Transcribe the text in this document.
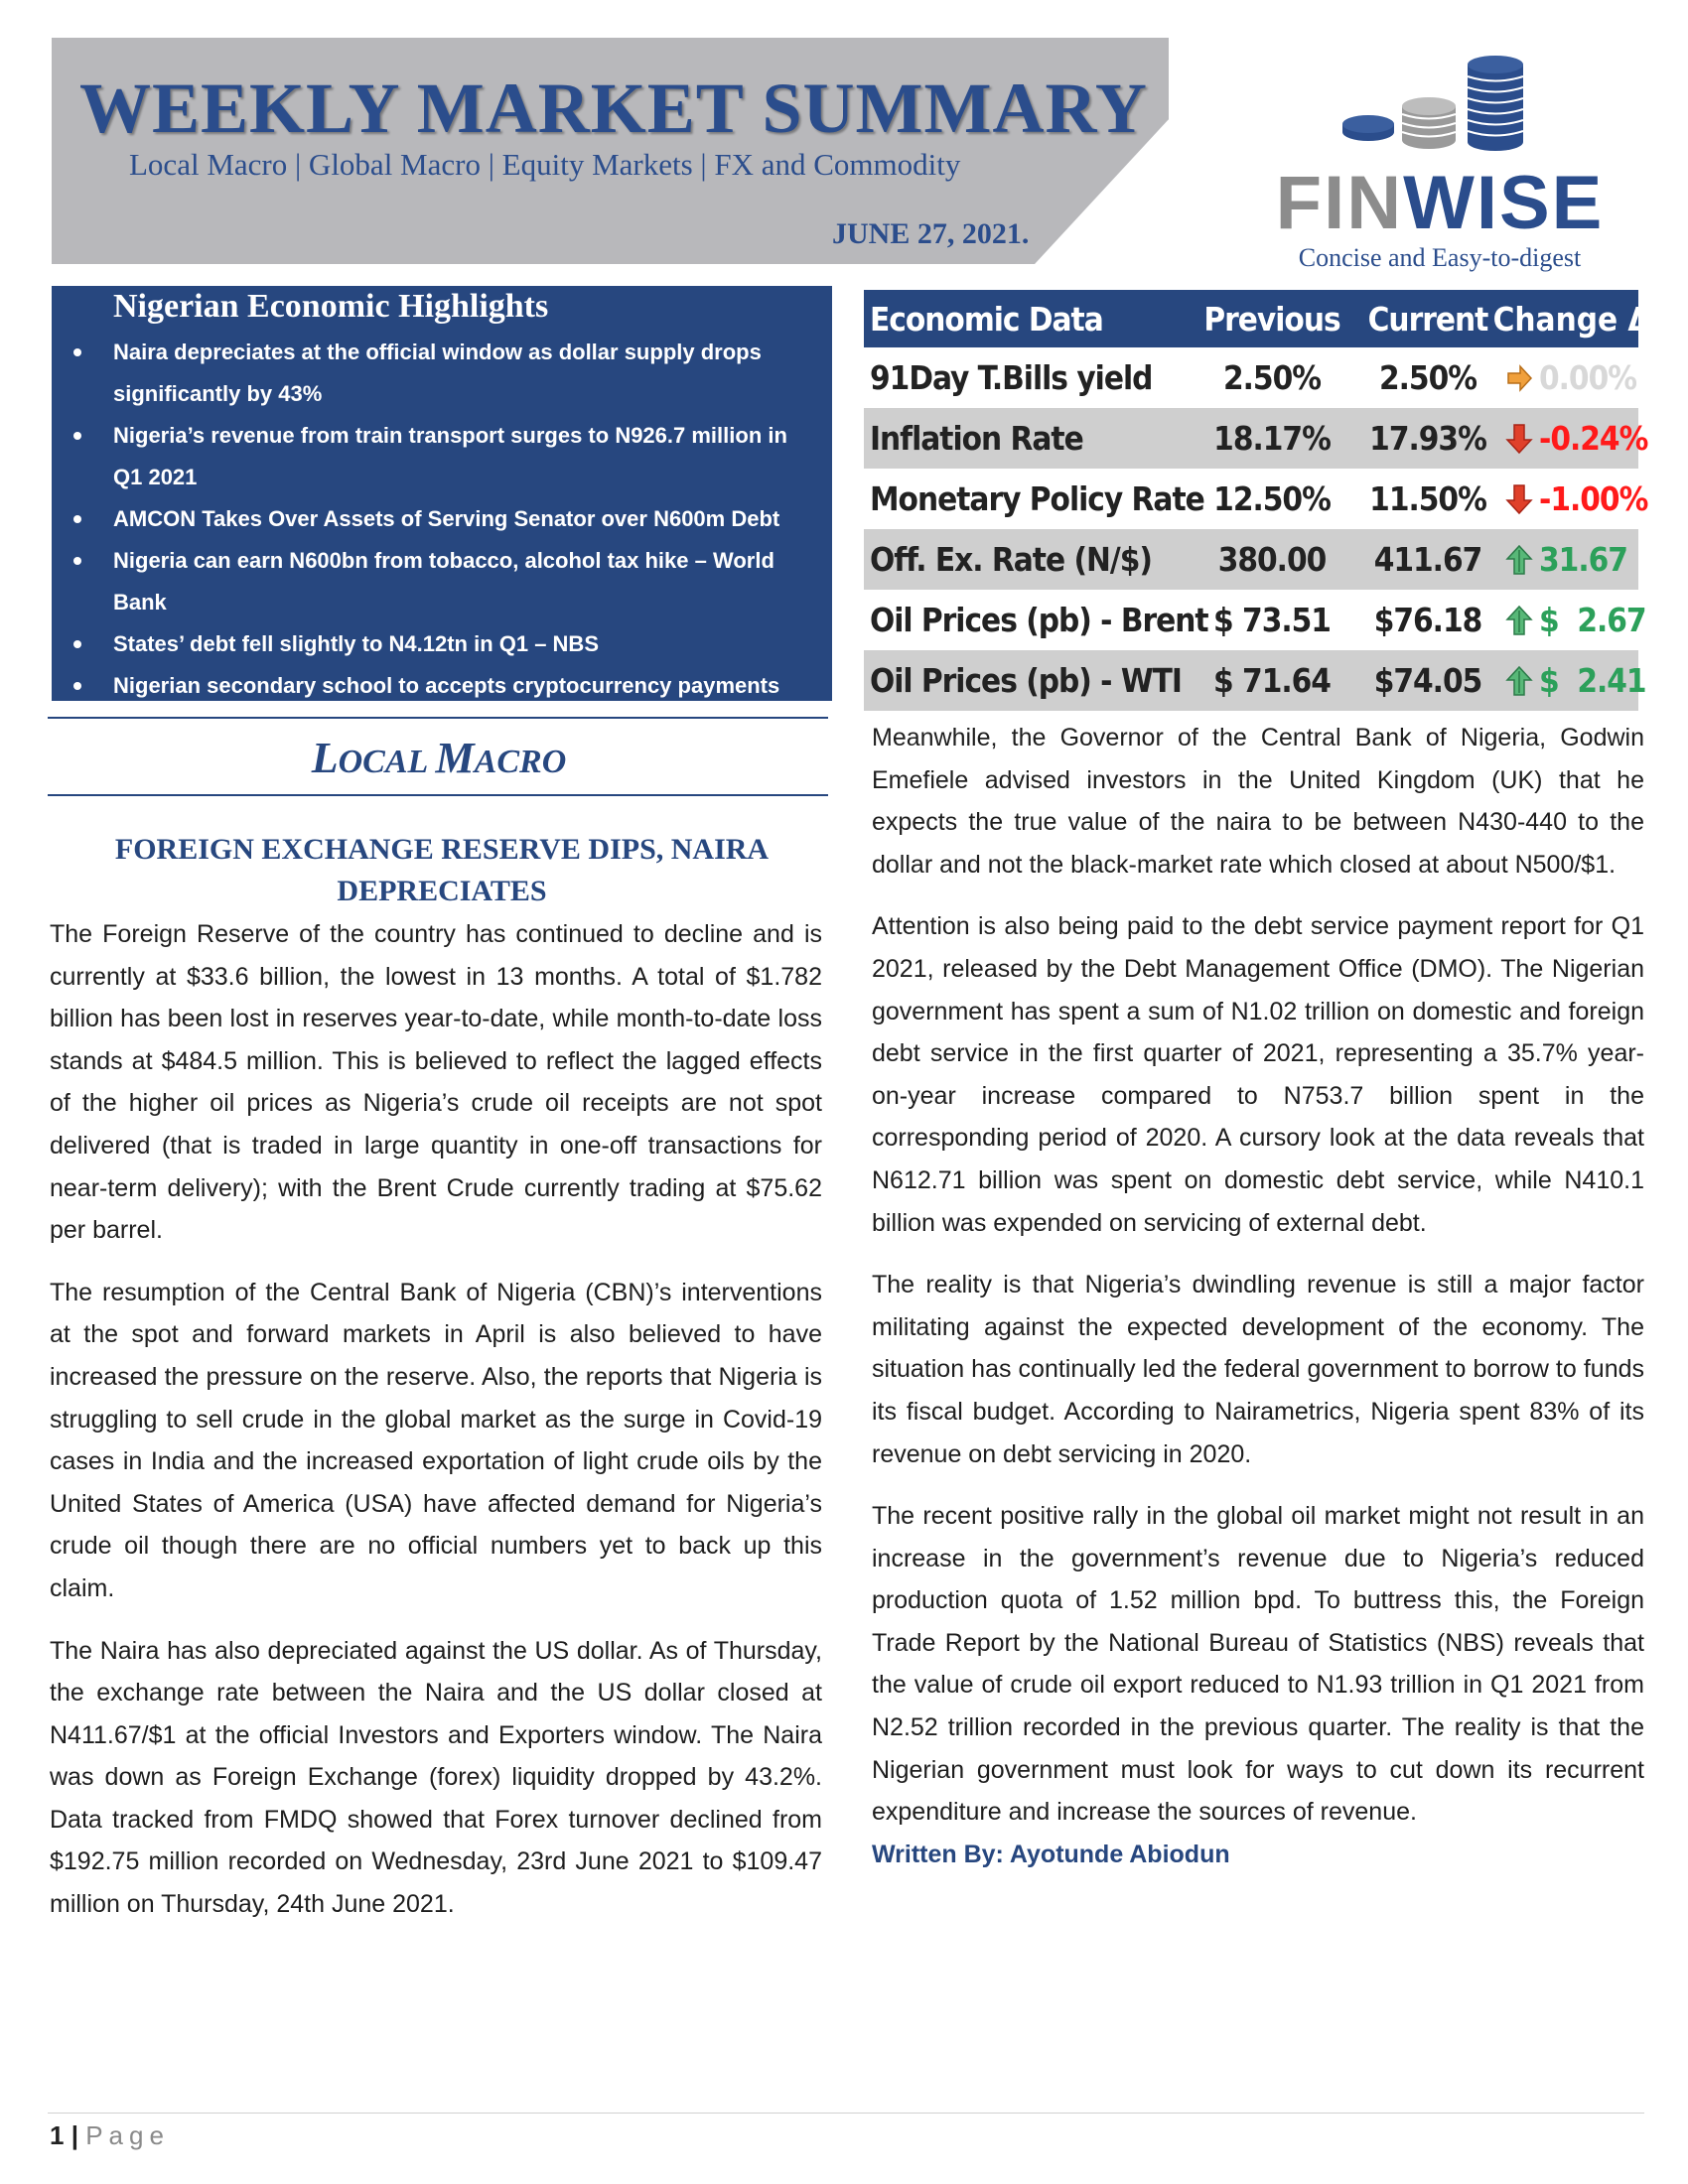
WEEKLY MARKET SUMMARY
Local Macro | Global Macro | Equity Markets | FX and Commodity
JUNE 27, 2021.	FINWISE
Concise and Easy-to-digest
Nigerian Economic Highlights
Naira depreciates at the official window as dollar supply drops significantly by 43%
Nigeria’s revenue from train transport surges to N926.7 million in Q1 2021
AMCON Takes Over Assets of Serving Senator over N600m Debt
Nigeria can earn N600bn from tobacco, alcohol tax hike – World Bank
States’ debt fell slightly to N4.12tn in Q1 – NBS
Nigerian secondary school to accepts cryptocurrency payments
Economic Data	Previous Current Change Δ
91Day T.Bills yield	2.50%	2.50%	0.00%
Inflation Rate	18.17%	17.93%	-0.24%
Monetary Policy Rate 12.50%	11.50%	-1.00%
Off. Ex. Rate (N/$)	380.00	411.67	31.67
Oil Prices (pb) - Brent $ 73.51	$76.18	$  2.67
Oil Prices (pb) - WTI $ 71.64	$74.05	$  2.41
LOCAL MACRO
FOREIGN EXCHANGE RESERVE DIPS, NAIRA DEPRECIATES

The Foreign Reserve of the country has continued to decline and is currently at $33.6 billion, the lowest in 13 months. A total of $1.782 billion has been lost in reserves year-to-date, while month-to-date loss stands at $484.5 million. This is believed to reflect the lagged effects of the higher oil prices as Nigeria’s crude oil receipts are not spot delivered (that is traded in large quantity in one-off transactions for near-term delivery); with the Brent Crude currently trading at $75.62 per barrel.

The resumption of the Central Bank of Nigeria (CBN)’s interventions at the spot and forward markets in April is also believed to have increased the pressure on the reserve. Also, the reports that Nigeria is struggling to sell crude in the global market as the surge in Covid-19 cases in India and the increased exportation of light crude oils by the United States of America (USA) have affected demand for Nigeria’s crude oil though there are no official numbers yet to back up this claim.

The Naira has also depreciated against the US dollar. As of Thursday, the exchange rate between the Naira and the US dollar closed at N411.67/$1 at the official Investors and Exporters window. The Naira was down as Foreign Exchange (forex) liquidity dropped by 43.2%. Data tracked from FMDQ showed that Forex turnover declined from $192.75 million recorded on Wednesday, 23rd June 2021 to $109.47 million on Thursday, 24th June 2021.

Meanwhile, the Governor of the Central Bank of Nigeria, Godwin Emefiele advised investors in the United Kingdom (UK) that he expects the true value of the naira to be between N430-440 to the dollar and not the black-market rate which closed at about N500/$1.

Attention is also being paid to the debt service payment report for Q1 2021, released by the Debt Management Office (DMO). The Nigerian government has spent a sum of N1.02 trillion on domestic and foreign debt service in the first quarter of 2021, representing a 35.7% year-on-year increase compared to N753.7 billion spent in the corresponding period of 2020. A cursory look at the data reveals that N612.71 billion was spent on domestic debt service, while N410.1 billion was expended on servicing of external debt.

The reality is that Nigeria’s dwindling revenue is still a major factor militating against the expected development of the economy. The situation has continually led the federal government to borrow to funds its fiscal budget. According to Nairametrics, Nigeria spent 83% of its revenue on debt servicing in 2020.

The recent positive rally in the global oil market might not result in an increase in the government’s revenue due to Nigeria’s reduced production quota of 1.52 million bpd. To buttress this, the Foreign Trade Report by the National Bureau of Statistics (NBS) reveals that the value of crude oil export reduced to N1.93 trillion in Q1 2021 from N2.52 trillion recorded in the previous quarter. The reality is that the Nigerian government must look for ways to cut down its recurrent expenditure and increase the sources of revenue.

Written By: Ayotunde Abiodun
1 | Page
